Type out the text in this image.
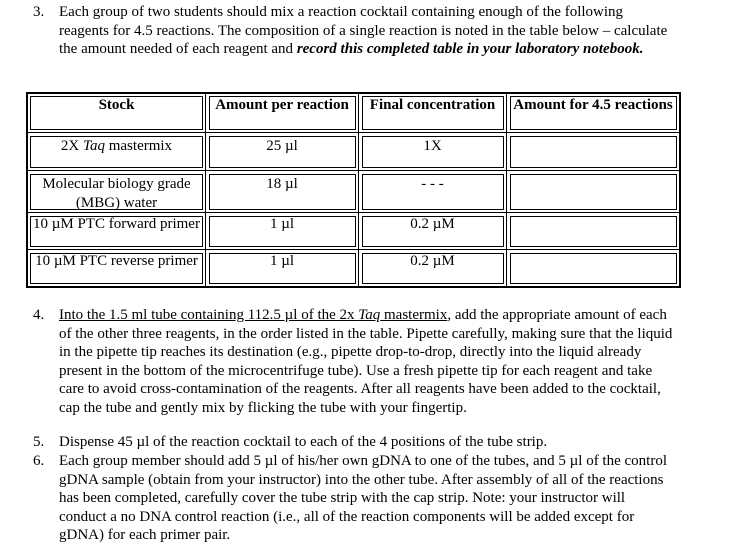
3. Each group of two students should mix a reaction cocktail containing enough of the following reagents for 4.5 reactions. The composition of a single reaction is noted in the table below – calculate the amount needed of each reagent and record this completed table in your laboratory notebook.
Stock	Amount per reaction	Final concentration	Amount for 4.5 reactions
2X Taq mastermix	25 µl	1X	
Molecular biology grade (MBG) water	18 µl	- - -	
10 µM PTC forward primer	1 µl	0.2 µM	
10 µM PTC reverse primer	1 µl	0.2 µM	
4. Into the 1.5 ml tube containing 112.5 µl of the 2x Taq mastermix, add the appropriate amount of each of the other three reagents, in the order listed in the table. Pipette carefully, making sure that the liquid in the pipette tip reaches its destination (e.g., pipette drop-to-drop, directly into the liquid already present in the bottom of the microcentrifuge tube). Use a fresh pipette tip for each reagent and take care to avoid cross-contamination of the reagents. After all reagents have been added to the cocktail, cap the tube and gently mix by flicking the tube with your fingertip.
5. Dispense 45 µl of the reaction cocktail to each of the 4 positions of the tube strip.
6. Each group member should add 5 µl of his/her own gDNA to one of the tubes, and 5 µl of the control gDNA sample (obtain from your instructor) into the other tube. After assembly of all of the reactions has been completed, carefully cover the tube strip with the cap strip. Note: your instructor will conduct a no DNA control reaction (i.e., all of the reaction components will be added except for gDNA) for each primer pair.
